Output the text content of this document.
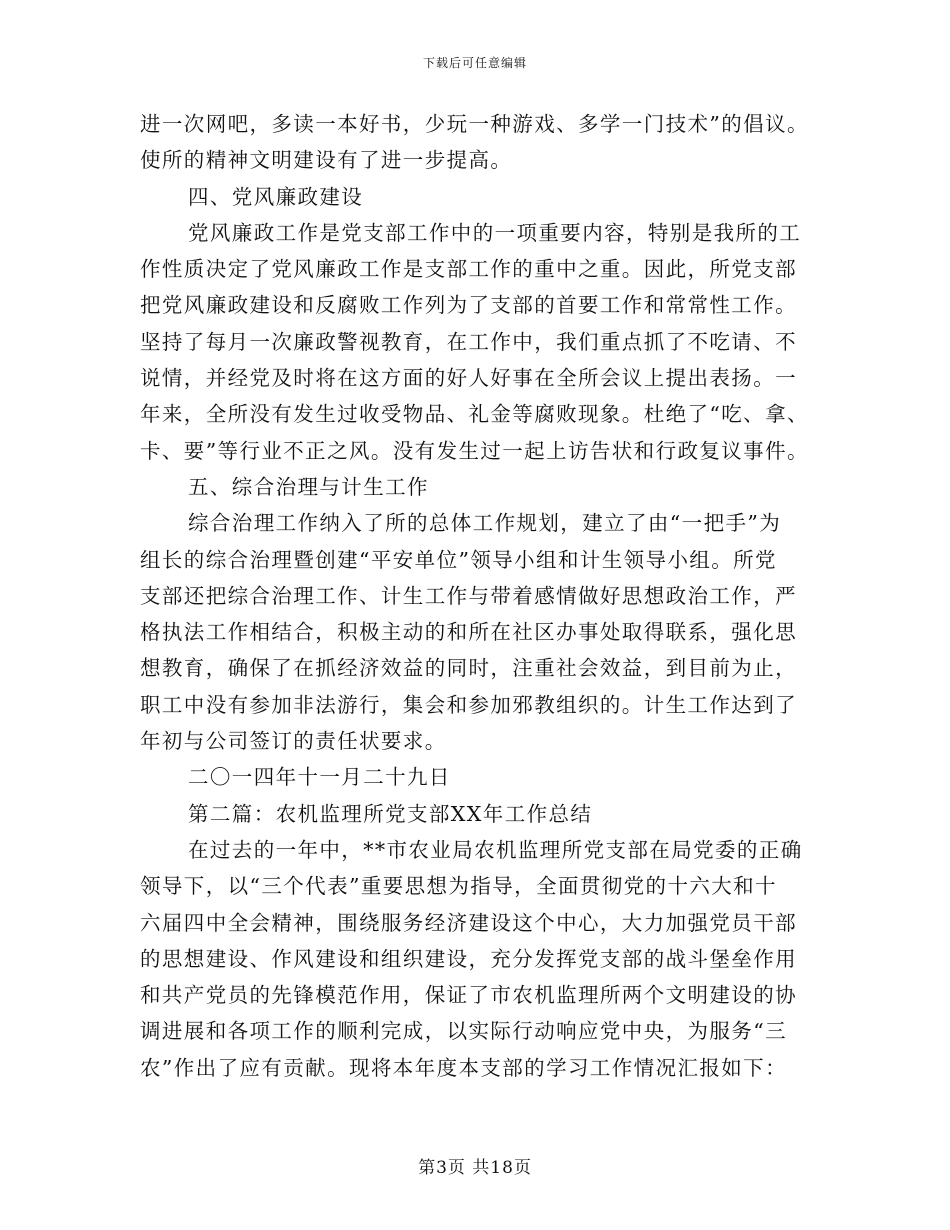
下载后可任意编辑
进一次网吧，多读一本好书，少玩一种游戏、多学一门技术”的倡议。
使所的精神文明建设有了进一步提高。
四、党风廉政建设
党风廉政工作是党支部工作中的一项重要内容，特别是我所的工
作性质决定了党风廉政工作是支部工作的重中之重。因此，所党支部
把党风廉政建设和反腐败工作列为了支部的首要工作和常常性工作。
坚持了每月一次廉政警视教育，在工作中，我们重点抓了不吃请、不
说情，并经党及时将在这方面的好人好事在全所会议上提出表扬。一
年来，全所没有发生过收受物品、礼金等腐败现象。杜绝了“吃、拿、
卡、要”等行业不正之风。没有发生过一起上访告状和行政复议事件。
五、综合治理与计生工作
综合治理工作纳入了所的总体工作规划，建立了由“一把手”为
组长的综合治理暨创建“平安单位”领导小组和计生领导小组。所党
支部还把综合治理工作、计生工作与带着感情做好思想政治工作，严
格执法工作相结合，积极主动的和所在社区办事处取得联系，强化思
想教育，确保了在抓经济效益的同时，注重社会效益，到目前为止，
职工中没有参加非法游行，集会和参加邪教组织的。计生工作达到了
年初与公司签订的责任状要求。
二〇一四年十一月二十九日
第二篇：农机监理所党支部XX年工作总结
在过去的一年中，**市农业局农机监理所党支部在局党委的正确
领导下，以“三个代表”重要思想为指导，全面贯彻党的十六大和十
六届四中全会精神，围绕服务经济建设这个中心，大力加强党员干部
的思想建设、作风建设和组织建设，充分发挥党支部的战斗堡垒作用
和共产党员的先锋模范作用，保证了市农机监理所两个文明建设的协
调进展和各项工作的顺利完成，以实际行动响应党中央，为服务“三
农”作出了应有贡献。现将本年度本支部的学习工作情况汇报如下：
第3页 共18页
